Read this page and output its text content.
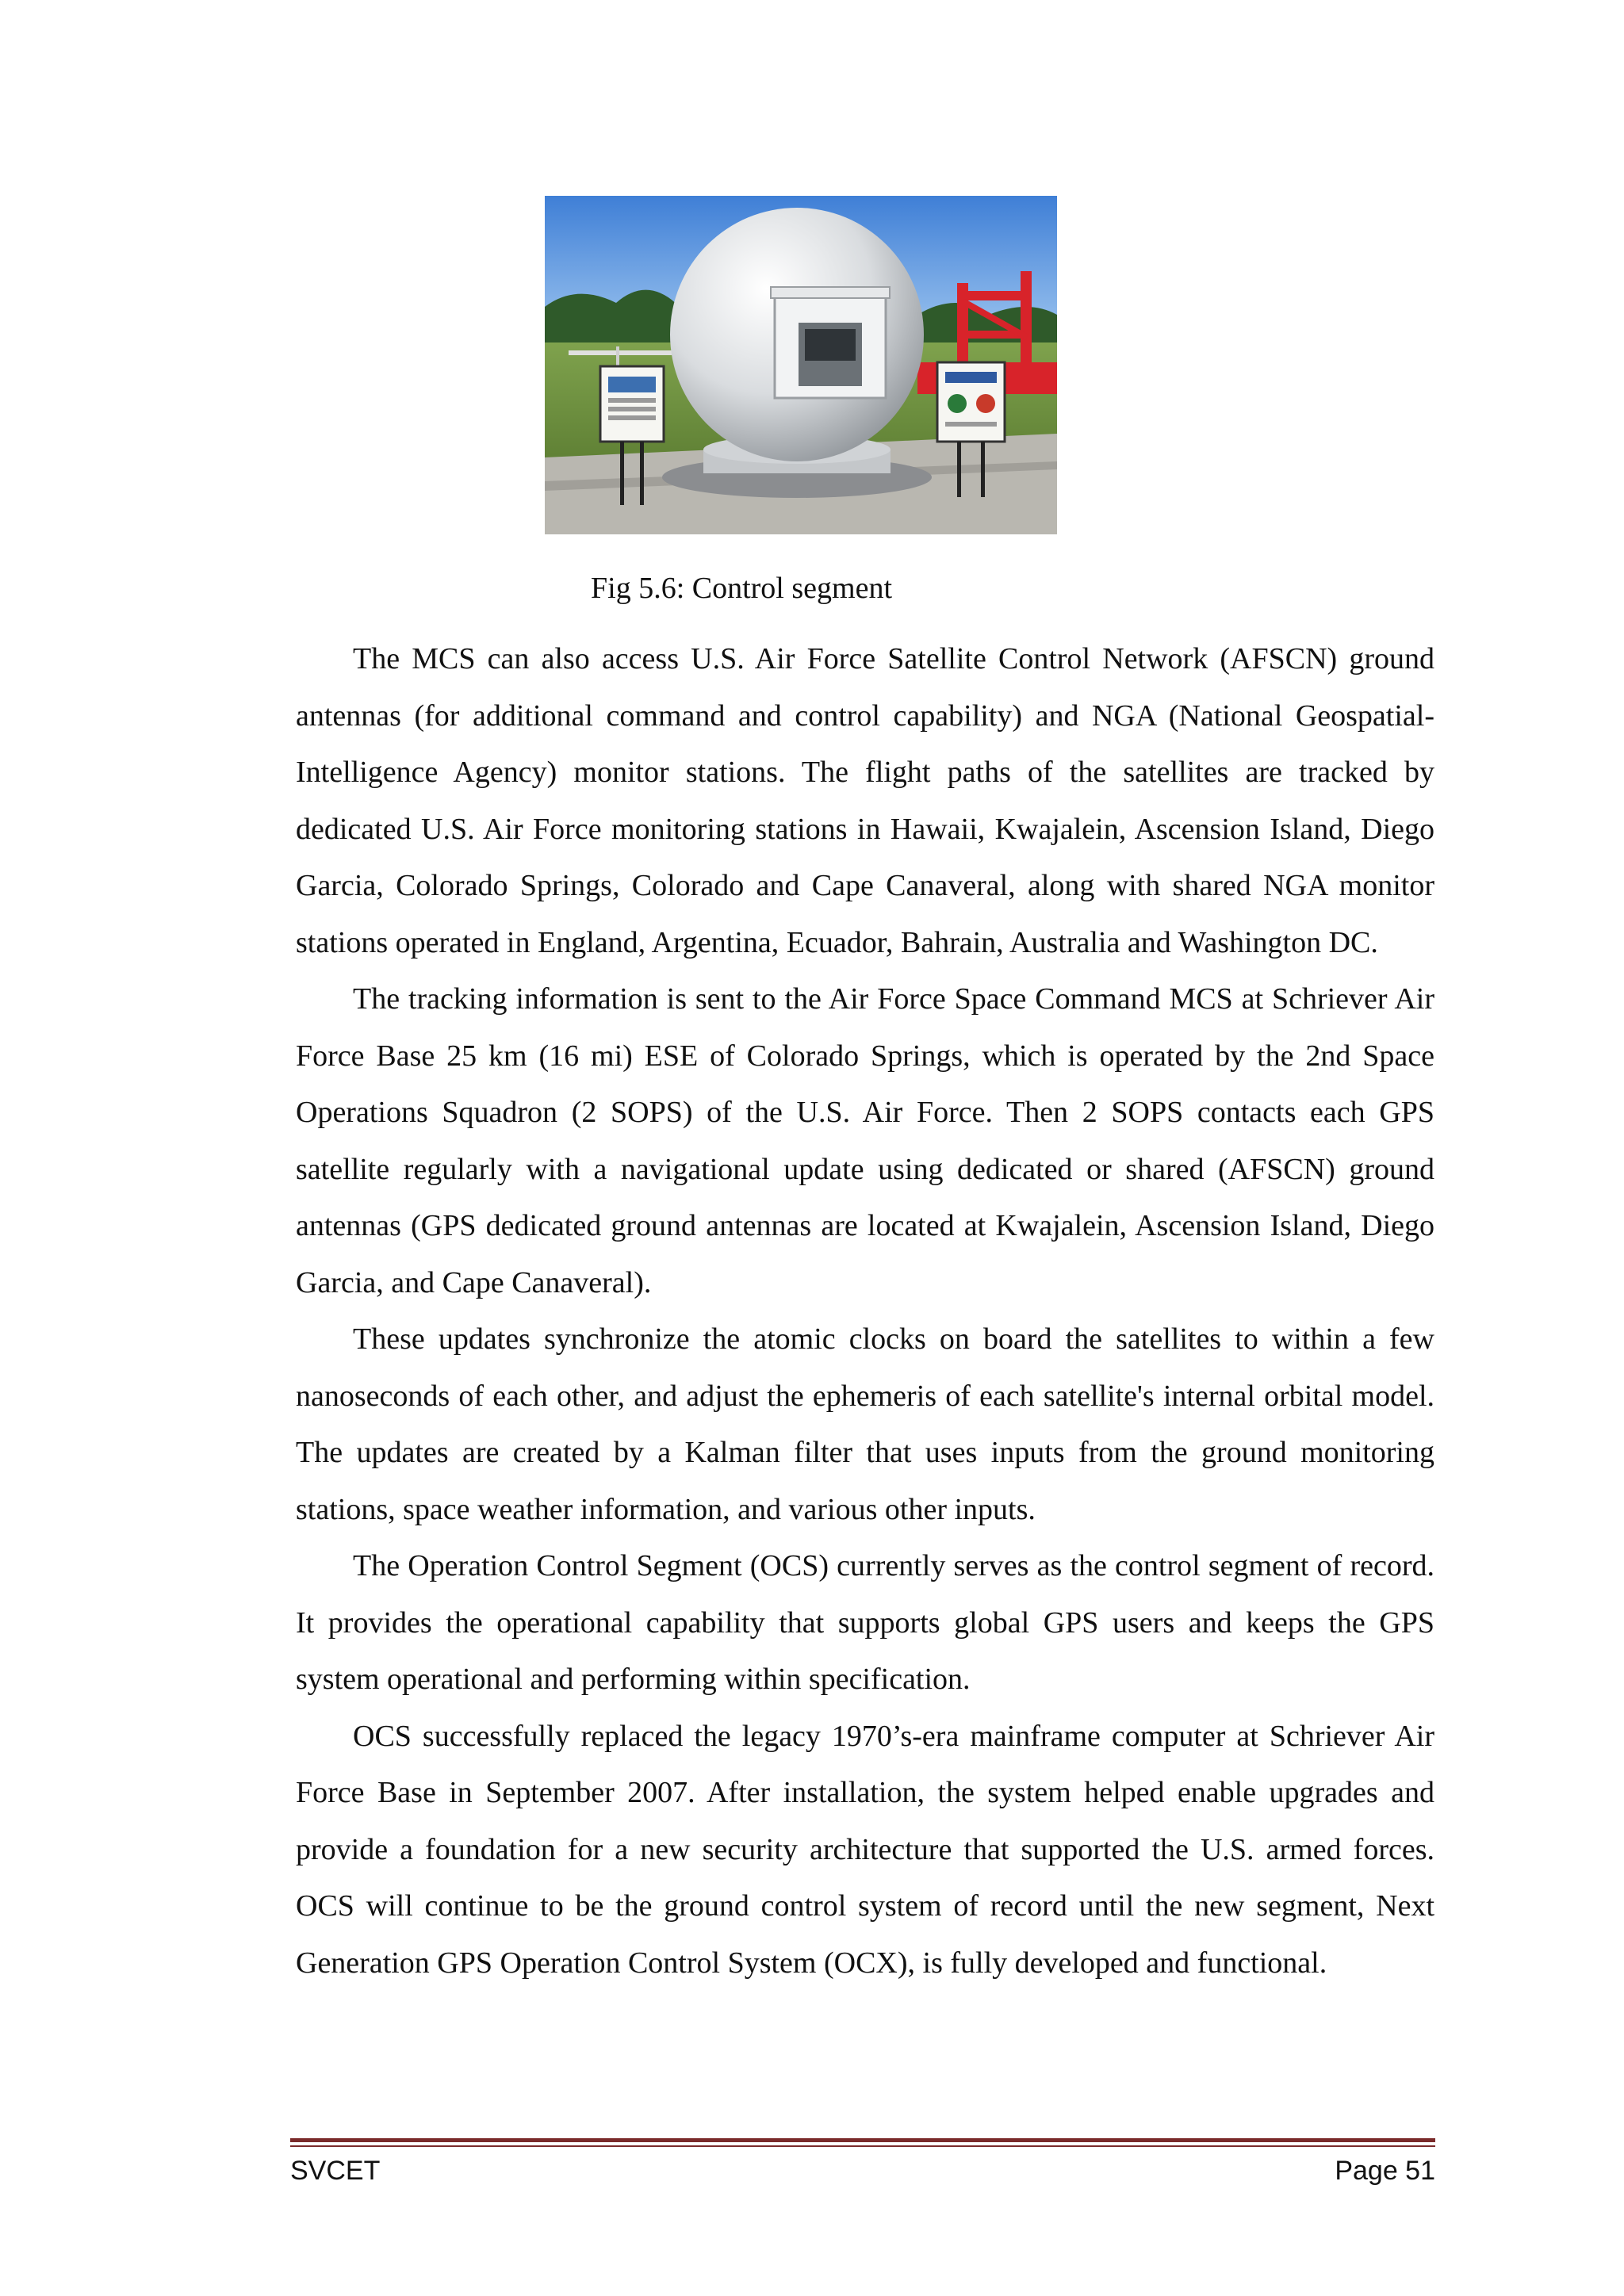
Fig 5.6: Control segment

The MCS can also access U.S. Air Force Satellite Control Network (AFSCN) ground antennas (for additional command and control capability) and NGA (National Geospatial-Intelligence Agency) monitor stations. The flight paths of the satellites are tracked by dedicated U.S. Air Force monitoring stations in Hawaii, Kwajalein, Ascension Island, Diego Garcia, Colorado Springs, Colorado and Cape Canaveral, along with shared NGA monitor stations operated in England, Argentina, Ecuador, Bahrain, Australia and Washington DC.

The tracking information is sent to the Air Force Space Command MCS at Schriever Air Force Base 25 km (16 mi) ESE of Colorado Springs, which is operated by the 2nd Space Operations Squadron (2 SOPS) of the U.S. Air Force. Then 2 SOPS contacts each GPS satellite regularly with a navigational update using dedicated or shared (AFSCN) ground antennas (GPS dedicated ground antennas are located at Kwajalein, Ascension Island, Diego Garcia, and Cape Canaveral).

These updates synchronize the atomic clocks on board the satellites to within a few nanoseconds of each other, and adjust the ephemeris of each satellite's internal orbital model. The updates are created by a Kalman filter that uses inputs from the ground monitoring stations, space weather information, and various other inputs.

The Operation Control Segment (OCS) currently serves as the control segment of record. It provides the operational capability that supports global GPS users and keeps the GPS system operational and performing within specification.

OCS successfully replaced the legacy 1970’s-era mainframe computer at Schriever Air Force Base in September 2007. After installation, the system helped enable upgrades and provide a foundation for a new security architecture that supported the U.S. armed forces. OCS will continue to be the ground control system of record until the new segment, Next Generation GPS Operation Control System (OCX), is fully developed and functional.

SVCET	Page 51
